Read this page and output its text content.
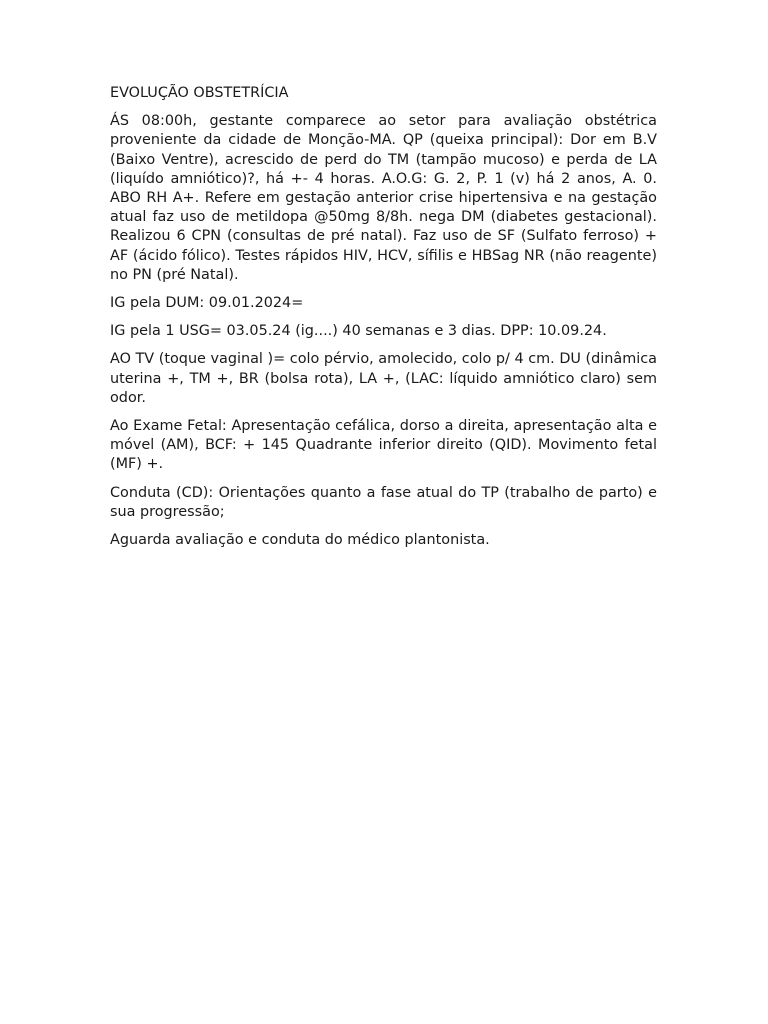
EVOLUÇÃO OBSTETRÍCIA

ÁS 08:00h, gestante comparece ao setor para avaliação obstétrica proveniente da cidade de Monção-MA. QP (queixa principal): Dor em B.V (Baixo Ventre), acrescido de perd do TM (tampão mucoso) e perda de LA (liquído amniótico)?, há +- 4 horas. A.O.G: G. 2, P. 1 (v) há 2 anos, A. 0. ABO RH A+. Refere em gestação anterior crise hipertensiva e na gestação atual faz uso de metildopa @50mg 8/8h. nega DM (diabetes gestacional). Realizou 6 CPN (consultas de pré natal). Faz uso de SF (Sulfato ferroso) + AF (ácido fólico). Testes rápidos HIV, HCV, sífilis e HBSag NR (não reagente) no PN (pré Natal).

IG pela DUM: 09.01.2024=

IG pela 1 USG= 03.05.24 (ig....) 40 semanas e 3 dias. DPP: 10.09.24.

AO TV (toque vaginal )= colo pérvio, amolecido, colo p/ 4 cm. DU (dinâmica uterina +, TM +, BR (bolsa rota), LA +, (LAC: líquido amniótico claro) sem odor.

Ao Exame Fetal: Apresentação cefálica, dorso a direita, apresentação alta e móvel (AM), BCF: + 145 Quadrante inferior direito (QID). Movimento fetal (MF) +.

Conduta (CD): Orientações quanto a fase atual do TP (trabalho de parto) e sua progressão;

Aguarda avaliação e conduta do médico plantonista.
